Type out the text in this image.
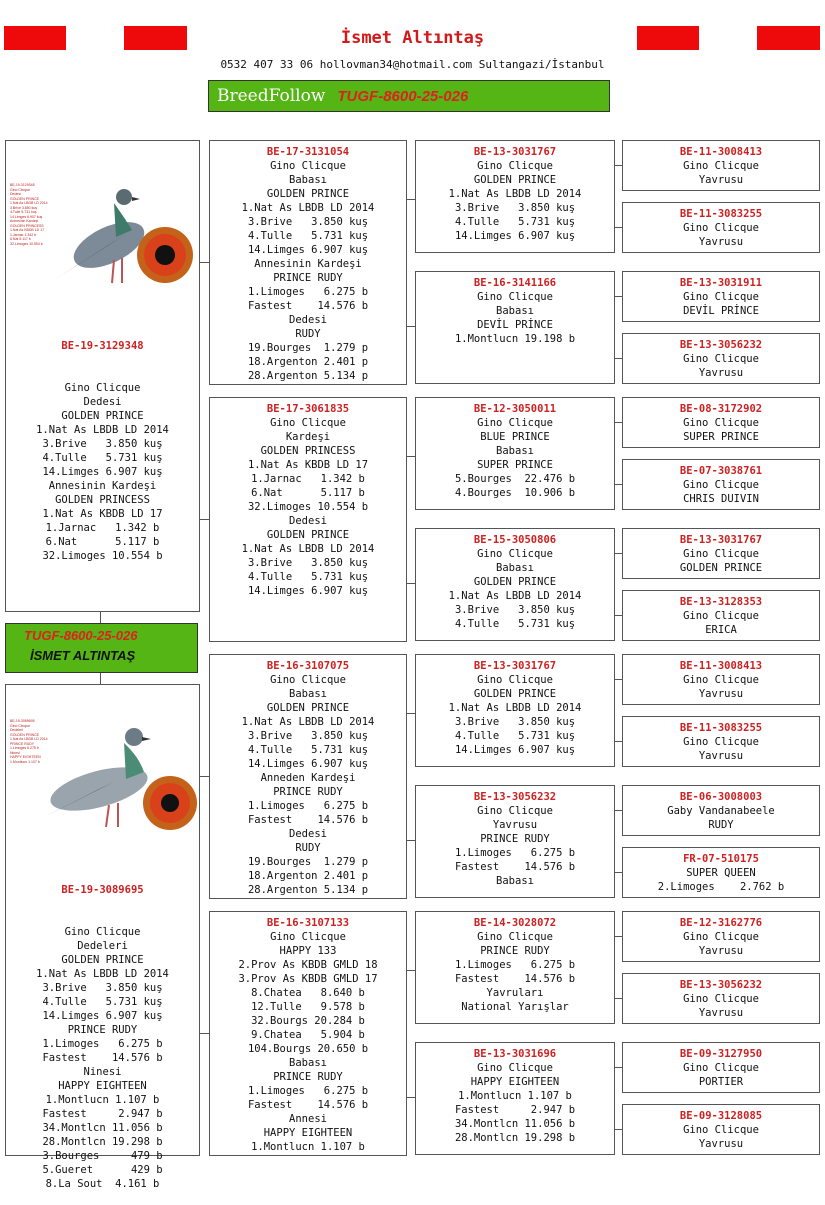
İsmet Altıntaş
0532 407 33 06 hollovman34@hotmail.com Sultangazi/İstanbul
BreedFollow TUGF-8600-25-026

BE-19-3129348
Gino Clicque
Dedesi
GOLDEN PRINCE
1.Nat As LBDB LD 2014
3.Brive 3.850 kuş
4.Tulle 5.731 kuş
14.Limges 6.907 kuş
Annesinin Kardeşi
GOLDEN PRINCESS
1.Nat As KBDB LD 17
1.Jarnac 1.342 b
6.Nat 5.117 b
32.Limoges 10.554 b

BE-19-3129348

Gino Clicque
Dedesi
GOLDEN PRINCE
1.Nat As LBDB LD 2014
3.Brive   3.850 kuş
4.Tulle   5.731 kuş
14.Limges 6.907 kuş
Annesinin Kardeşi
GOLDEN PRINCESS
1.Nat As KBDB LD 17
1.Jarnac   1.342 b
6.Nat      5.117 b
32.Limoges 10.554 b

TUGF-8600-25-026
İSMET ALTINTAŞ

BE-19-3089695
Gino Clicque
Dedeleri
GOLDEN PRINCE
1.Nat As LBDB LD 2014
PRINCE RUDY
1.Limoges 6.275 b
Ninesi
HAPPY EIGHTEEN
1.Montlucn 1.107 b

BE-19-3089695

Gino Clicque
Dedeleri
GOLDEN PRINCE
1.Nat As LBDB LD 2014
3.Brive   3.850 kuş
4.Tulle   5.731 kuş
14.Limges 6.907 kuş
PRINCE RUDY
1.Limoges   6.275 b
Fastest    14.576 b
Ninesi
HAPPY EIGHTEEN
1.Montlucn 1.107 b
Fastest     2.947 b
34.Montlcn 11.056 b
28.Montlcn 19.298 b
3.Bourges     479 b
5.Gueret      429 b
8.La Sout  4.161 b

BE-17-3131054
Gino Clicque
Babası
GOLDEN PRINCE
1.Nat As LBDB LD 2014
3.Brive   3.850 kuş
4.Tulle   5.731 kuş
14.Limges 6.907 kuş
Annesinin Kardeşi
PRINCE RUDY
1.Limoges   6.275 b
Fastest    14.576 b
Dedesi
RUDY
19.Bourges  1.279 p
18.Argenton 2.401 p
28.Argenton 5.134 p
BE-17-3061835
Gino Clicque
Kardeşi
GOLDEN PRINCESS
1.Nat As KBDB LD 17
1.Jarnac   1.342 b
6.Nat      5.117 b
32.Limoges 10.554 b
Dedesi
GOLDEN PRINCE
1.Nat As LBDB LD 2014
3.Brive   3.850 kuş
4.Tulle   5.731 kuş
14.Limges 6.907 kuş
BE-16-3107075
Gino Clicque
Babası
GOLDEN PRINCE
1.Nat As LBDB LD 2014
3.Brive   3.850 kuş
4.Tulle   5.731 kuş
14.Limges 6.907 kuş
Anneden Kardeşi
PRINCE RUDY
1.Limoges   6.275 b
Fastest    14.576 b
Dedesi
RUDY
19.Bourges  1.279 p
18.Argenton 2.401 p
28.Argenton 5.134 p
BE-16-3107133
Gino Clicque
HAPPY 133
2.Prov As KBDB GMLD 18
3.Prov As KBDB GMLD 17
8.Chatea   8.640 b
12.Tulle   9.578 b
32.Bourgs 20.284 b
9.Chatea   5.904 b
104.Bourgs 20.650 b
Babası
PRINCE RUDY
1.Limoges   6.275 b
Fastest    14.576 b
Annesi
HAPPY EIGHTEEN
1.Montlucn 1.107 b
BE-13-3031767
Gino Clicque
GOLDEN PRINCE
1.Nat As LBDB LD 2014
3.Brive   3.850 kuş
4.Tulle   5.731 kuş
14.Limges 6.907 kuş
BE-16-3141166
Gino Clicque
Babası
DEVİL PRİNCE
1.Montlucn 19.198 b
BE-12-3050011
Gino Clicque
BLUE PRINCE
Babası
SUPER PRINCE
5.Bourges  22.476 b
4.Bourges  10.906 b
BE-15-3050806
Gino Clicque
Babası
GOLDEN PRINCE
1.Nat As LBDB LD 2014
3.Brive   3.850 kuş
4.Tulle   5.731 kuş
BE-13-3031767
Gino Clicque
GOLDEN PRINCE
1.Nat As LBDB LD 2014
3.Brive   3.850 kuş
4.Tulle   5.731 kuş
14.Limges 6.907 kuş
BE-13-3056232
Gino Clicque
Yavrusu
PRINCE RUDY
1.Limoges   6.275 b
Fastest    14.576 b
Babası
BE-14-3028072
Gino Clicque
PRINCE RUDY
1.Limoges   6.275 b
Fastest    14.576 b
Yavruları
National Yarışlar
BE-13-3031696
Gino Clicque
HAPPY EIGHTEEN
1.Montlucn 1.107 b
Fastest     2.947 b
34.Montlcn 11.056 b
28.Montlcn 19.298 b
BE-11-3008413
Gino Clicque
Yavrusu
BE-11-3083255
Gino Clicque
Yavrusu
BE-13-3031911
Gino Clicque
DEVİL PRİNCE
BE-13-3056232
Gino Clicque
Yavrusu
BE-08-3172902
Gino Clicque
SUPER PRINCE
BE-07-3038761
Gino Clicque
CHRIS DUIVIN
BE-13-3031767
Gino Clicque
GOLDEN PRINCE
BE-13-3128353
Gino Clicque
ERICA
BE-11-3008413
Gino Clicque
Yavrusu
BE-11-3083255
Gino Clicque
Yavrusu
BE-06-3008003
Gaby Vandanabeele
RUDY
FR-07-510175
SUPER QUEEN
2.Limoges    2.762 b
BE-12-3162776
Gino Clicque
Yavrusu
BE-13-3056232
Gino Clicque
Yavrusu
BE-09-3127950
Gino Clicque
PORTIER
BE-09-3128085
Gino Clicque
Yavrusu
